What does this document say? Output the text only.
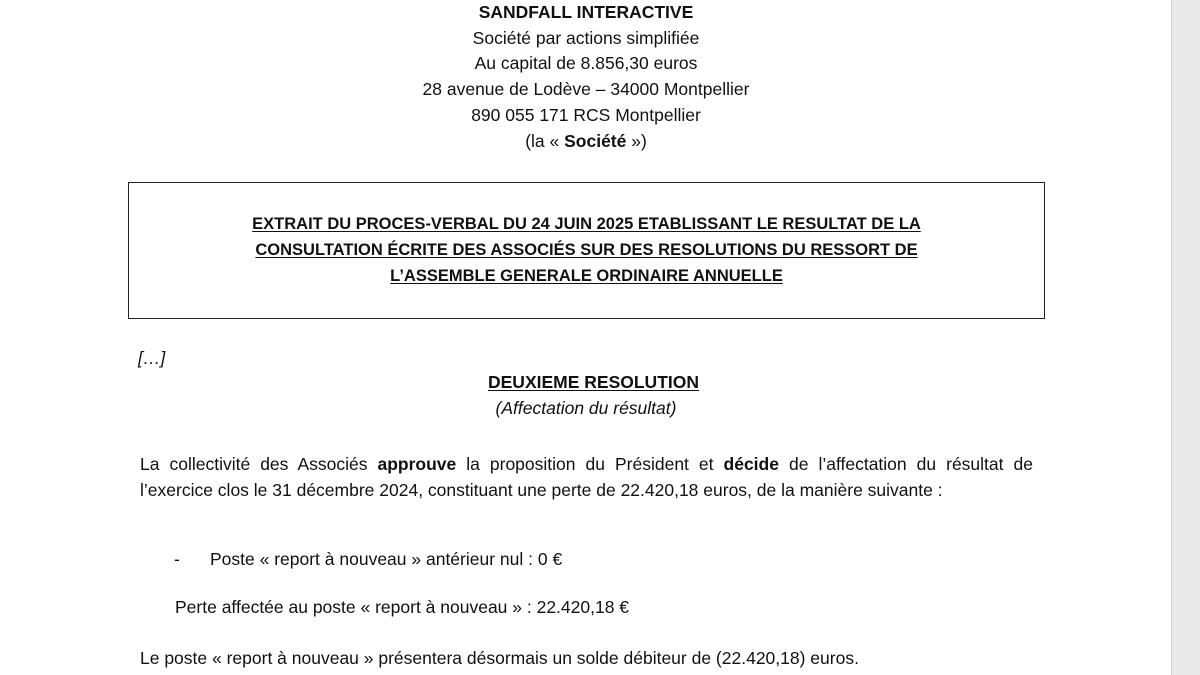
SANDFALL INTERACTIVE
Société par actions simplifiée
Au capital de 8.856,30 euros
28 avenue de Lodève – 34000 Montpellier
890 055 171 RCS Montpellier
(la « Société »)
EXTRAIT DU PROCES-VERBAL DU 24 JUIN 2025 ETABLISSANT LE RESULTAT DE LA
CONSULTATION ÉCRITE DES ASSOCIÉS SUR DES RESOLUTIONS DU RESSORT DE
L’ASSEMBLE GENERALE ORDINAIRE ANNUELLE
[…]
DEUXIEME RESOLUTION
(Affectation du résultat)
La collectivité des Associés approuve la proposition du Président et décide de l’affectation du résultat de l’exercice clos le 31 décembre 2024, constituant une perte de 22.420,18 euros, de la manière suivante :
- Poste « report à nouveau » antérieur nul : 0 €
Perte affectée au poste « report à nouveau » : 22.420,18 €
Le poste « report à nouveau » présentera désormais un solde débiteur de (22.420,18) euros.
